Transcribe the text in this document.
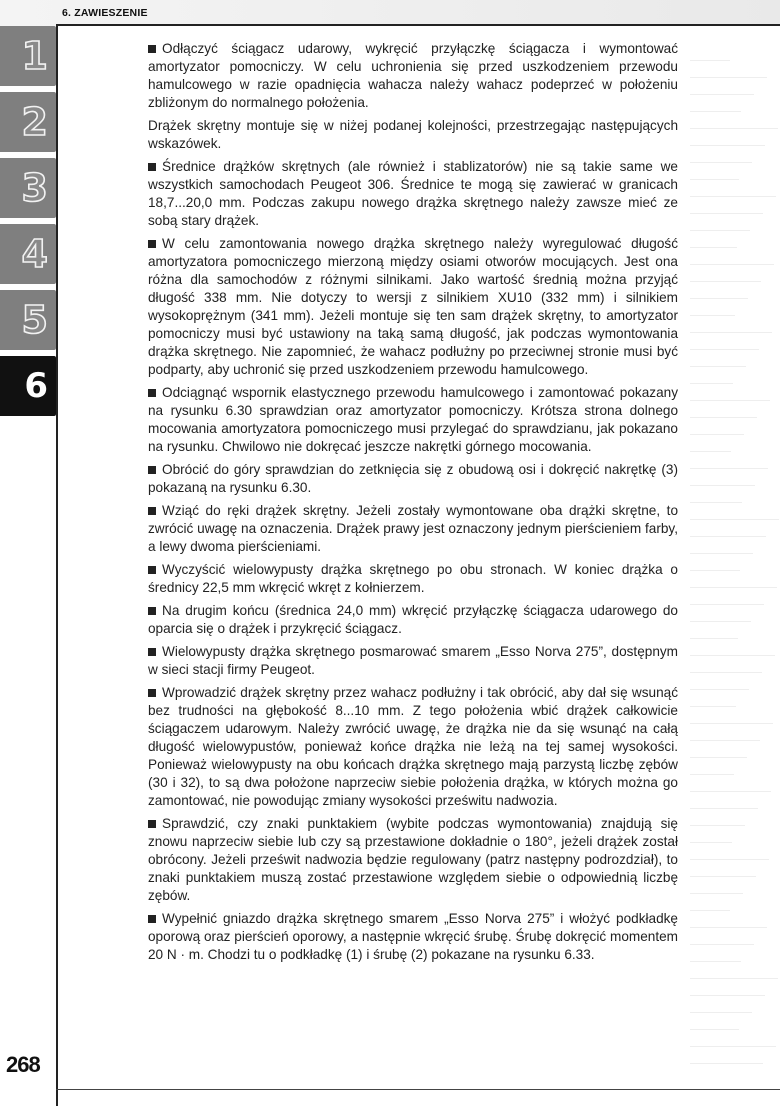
6. ZAWIESZENIE
1
2
3
4
5
6
268

Odłączyć ściągacz udarowy, wykręcić przyłączkę ściągacza i wymontować amortyzator pomocniczy. W celu uchronienia się przed uszkodzeniem przewodu hamulcowego w razie opadnięcia wahacza należy wahacz podeprzeć w położeniu zbliżonym do normalnego położenia.

Drążek skrętny montuje się w niżej podanej kolejności, przestrzegając następujących wskazówek.

Średnice drążków skrętnych (ale również i stablizatorów) nie są takie same we wszystkich samochodach Peugeot 306. Średnice te mogą się zawierać w granicach 18,7...20,0 mm. Podczas zakupu nowego drążka skrętnego należy zawsze mieć ze sobą stary drążek.

W celu zamontowania nowego drążka skrętnego należy wyregulować długość amortyzatora pomocniczego mierzoną między osiami otworów mocujących. Jest ona różna dla samochodów z różnymi silnikami. Jako wartość średnią można przyjąć długość 338 mm. Nie dotyczy to wersji z silnikiem XU10 (332 mm) i silnikiem wysokoprężnym (341 mm). Jeżeli montuje się ten sam drążek skrętny, to amortyzator pomocniczy musi być ustawiony na taką samą długość, jak podczas wymontowania drążka skrętnego. Nie zapomnieć, że wahacz podłużny po przeciwnej stronie musi być podparty, aby uchronić się przed uszkodzeniem przewodu hamulcowego.

Odciągnąć wspornik elastycznego przewodu hamulcowego i zamontować pokazany na rysunku 6.30 sprawdzian oraz amortyzator pomocniczy. Krótsza strona dolnego mocowania amortyzatora pomocniczego musi przylegać do sprawdzianu, jak pokazano na rysunku. Chwilowo nie dokręcać jeszcze nakrętki górnego mocowania.

Obrócić do góry sprawdzian do zetknięcia się z obudową osi i dokręcić nakrętkę (3) pokazaną na rysunku 6.30.

Wziąć do ręki drążek skrętny. Jeżeli zostały wymontowane oba drążki skrętne, to zwrócić uwagę na oznaczenia. Drążek prawy jest oznaczony jednym pierścieniem farby, a lewy dwoma pierścieniami.

Wyczyścić wielowypusty drążka skrętnego po obu stronach. W koniec drążka o średnicy 22,5 mm wkręcić wkręt z kołnierzem.

Na drugim końcu (średnica 24,0 mm) wkręcić przyłączkę ściągacza udarowego do oparcia się o drążek i przykręcić ściągacz.

Wielowypusty drążka skrętnego posmarować smarem „Esso Norva 275”, dostępnym w sieci stacji firmy Peugeot.

Wprowadzić drążek skrętny przez wahacz podłużny i tak obrócić, aby dał się wsunąć bez trudności na głębokość 8...10 mm. Z tego położenia wbić drążek całkowicie ściągaczem udarowym. Należy zwrócić uwagę, że drążka nie da się wsunąć na całą długość wielowypustów, ponieważ końce drążka nie leżą na tej samej wysokości. Ponieważ wielowypusty na obu końcach drążka skrętnego mają parzystą liczbę zębów (30 i 32), to są dwa położone naprzeciw siebie położenia drążka, w których można go zamontować, nie powodując zmiany wysokości prześwitu nadwozia.

Sprawdzić, czy znaki punktakiem (wybite podczas wymontowania) znajdują się znowu naprzeciw siebie lub czy są przestawione dokładnie o 180°, jeżeli drążek został obrócony. Jeżeli prześwit nadwozia będzie regulowany (patrz następny podrozdział), to znaki punktakiem muszą zostać przestawione względem siebie o odpowiednią liczbę zębów.

Wypełnić gniazdo drążka skrętnego smarem „Esso Norva 275” i włożyć podkładkę oporową oraz pierścień oporowy, a następnie wkręcić śrubę. Śrubę dokręcić momentem 20 N · m. Chodzi tu o podkładkę (1) i śrubę (2) pokazane na rysunku 6.33.
